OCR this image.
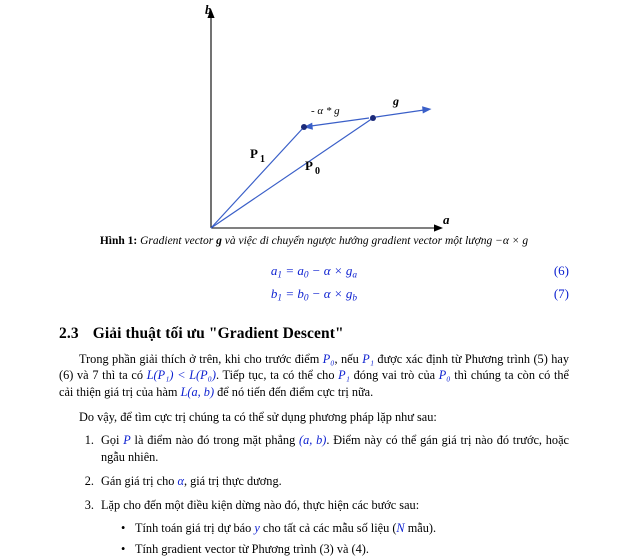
b
a
P 1	P 0
- α * g
g
Hình 1: Gradient vector g và việc di chuyển ngược hướng gradient vector một lượng −α × g
$a_1 = a_0 - \alpha \times g_a$	(6)
$b_1 = b_0 - \alpha \times g_b$	(7)
2.3 Giải thuật tối ưu "Gradient Descent"
Trong phần giải thích ở trên, khi cho trước điểm P₀, nếu P₁ được xác định từ Phương trình (5) hay (6) và 7 thì ta có L(P₁) < L(P₀). Tiếp tục, ta có thể cho P₁ đóng vai trò của P₀ thì chúng ta còn có thể cải thiện giá trị của hàm L(a, b) để nó tiến đến điểm cực trị nữa.
Do vậy, để tìm cực trị chúng ta có thể sử dụng phương pháp lặp như sau:
1. Gọi P là điểm nào đó trong mặt phẳng (a, b). Điểm này có thể gán giá trị nào đó trước, hoặc ngẫu nhiên.
2. Gán giá trị cho α, giá trị thực dương.
3. Lặp cho đến một điều kiện dừng nào đó, thực hiện các bước sau:
• Tính toán giá trị dự báo y cho tất cả các mẫu số liệu (N mẫu).
• Tính gradient vector từ Phương trình (3) và (4).
